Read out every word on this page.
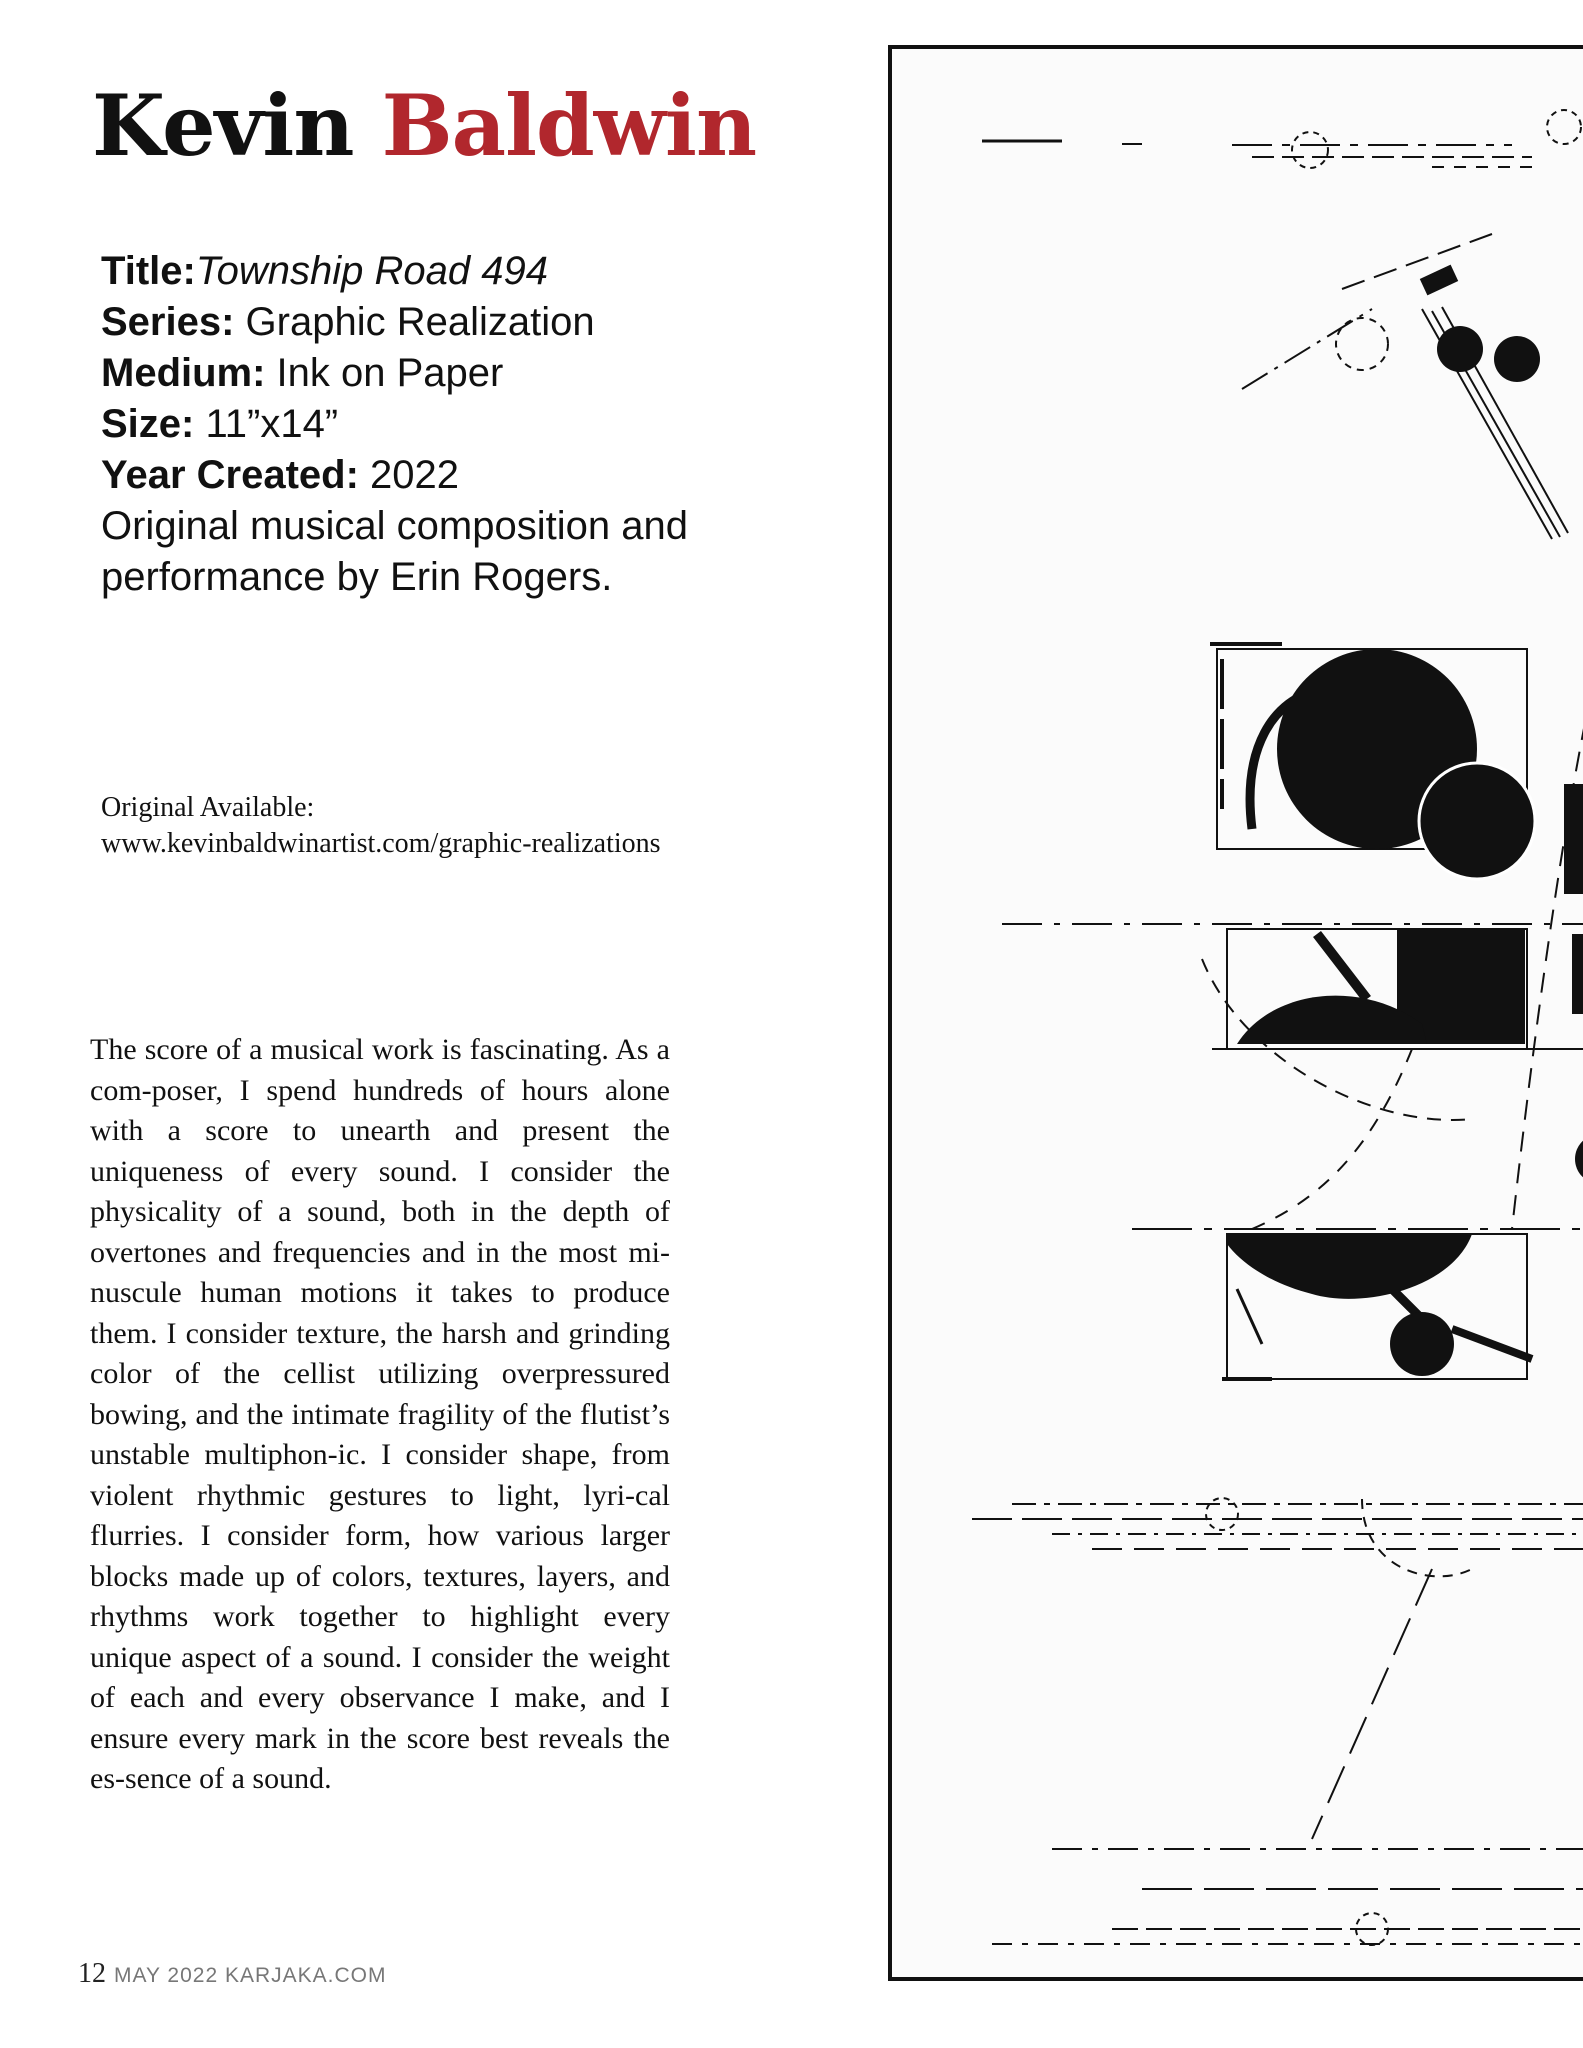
Kevin Baldwin
Title:Township Road 494
Series: Graphic Realization
Medium: Ink on Paper
Size: 11”x14”
Year Created: 2022
Original musical composition and
performance by Erin Rogers.
Original Available:
www.kevinbaldwinartist.com/graphic-realizations

The score of a musical work is fascinating. As a com-poser, I spend hundreds of hours alone with a score to unearth and present the uniqueness of every sound. I consider the physicality of a sound, both in the depth of overtones and frequencies and in the most mi-nuscule human motions it takes to produce them. I consider texture, the harsh and grinding color of the cellist utilizing overpressured bowing, and the intimate fragility of the flutist’s unstable multiphon-ic. I consider shape, from violent rhythmic gestures to light, lyri-cal flurries. I consider form, how various larger blocks made up of colors, textures, layers, and rhythms work together to highlight every unique aspect of a sound. I consider the weight of each and every observance I make, and I ensure every mark in the score best reveals the es-sence of a sound.

12 MAY 2022 KARJAKA.COM
